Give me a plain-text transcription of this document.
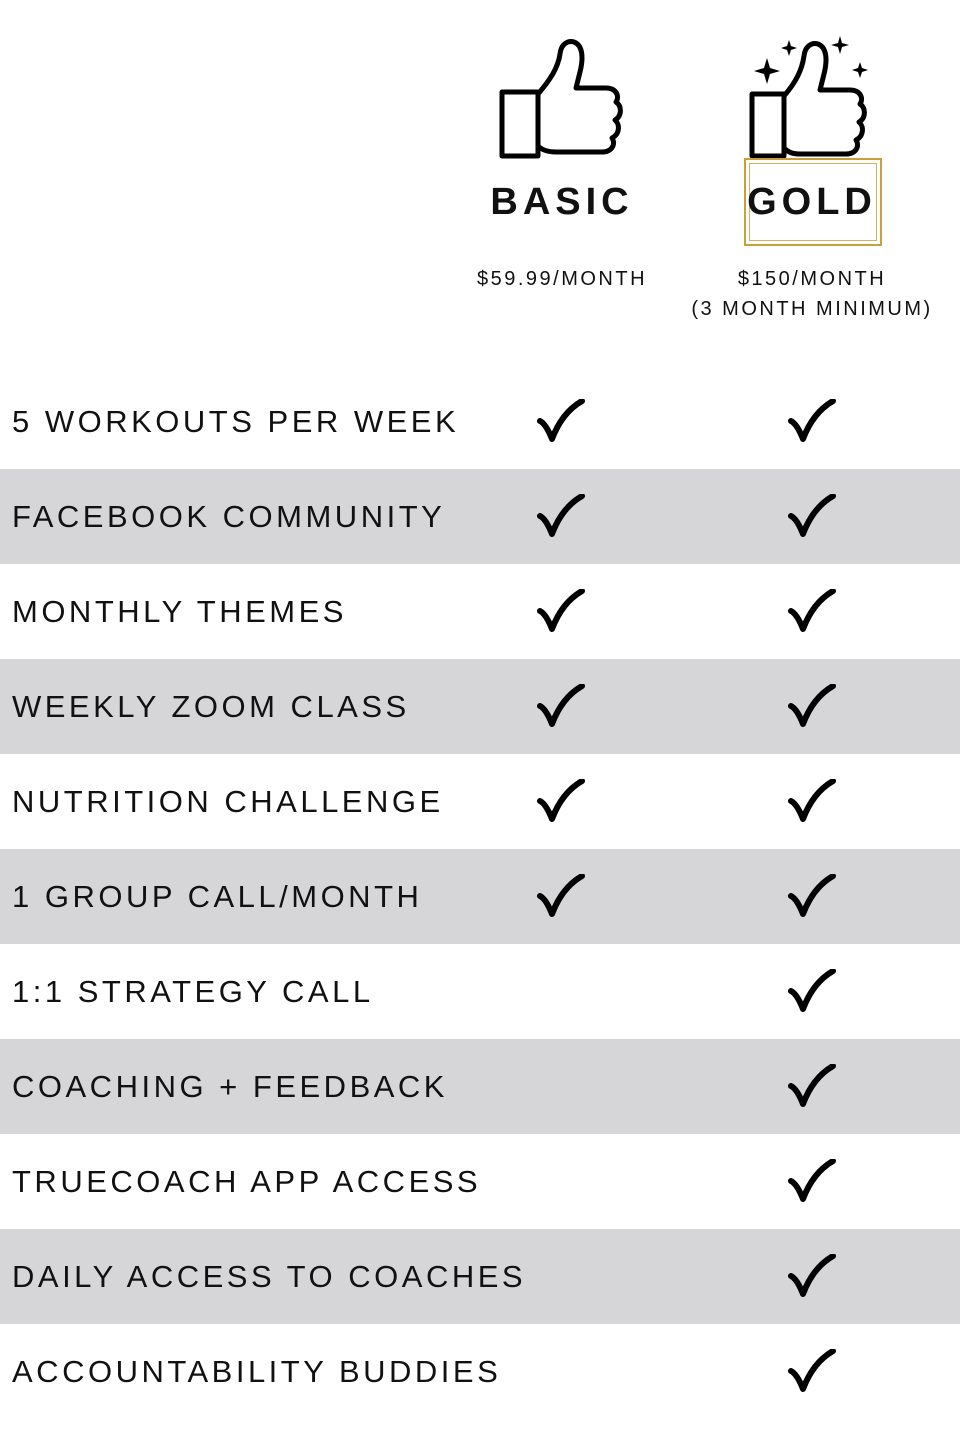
BASIC
$59.99/MONTH
GOLD
$150/MONTH
(3 MONTH MINIMUM)
5 WORKOUTS PER WEEK
FACEBOOK COMMUNITY
MONTHLY THEMES
WEEKLY ZOOM CLASS
NUTRITION CHALLENGE
1 GROUP CALL/MONTH
1:1 STRATEGY CALL
COACHING + FEEDBACK
TRUECOACH APP ACCESS
DAILY ACCESS TO COACHES
ACCOUNTABILITY BUDDIES
